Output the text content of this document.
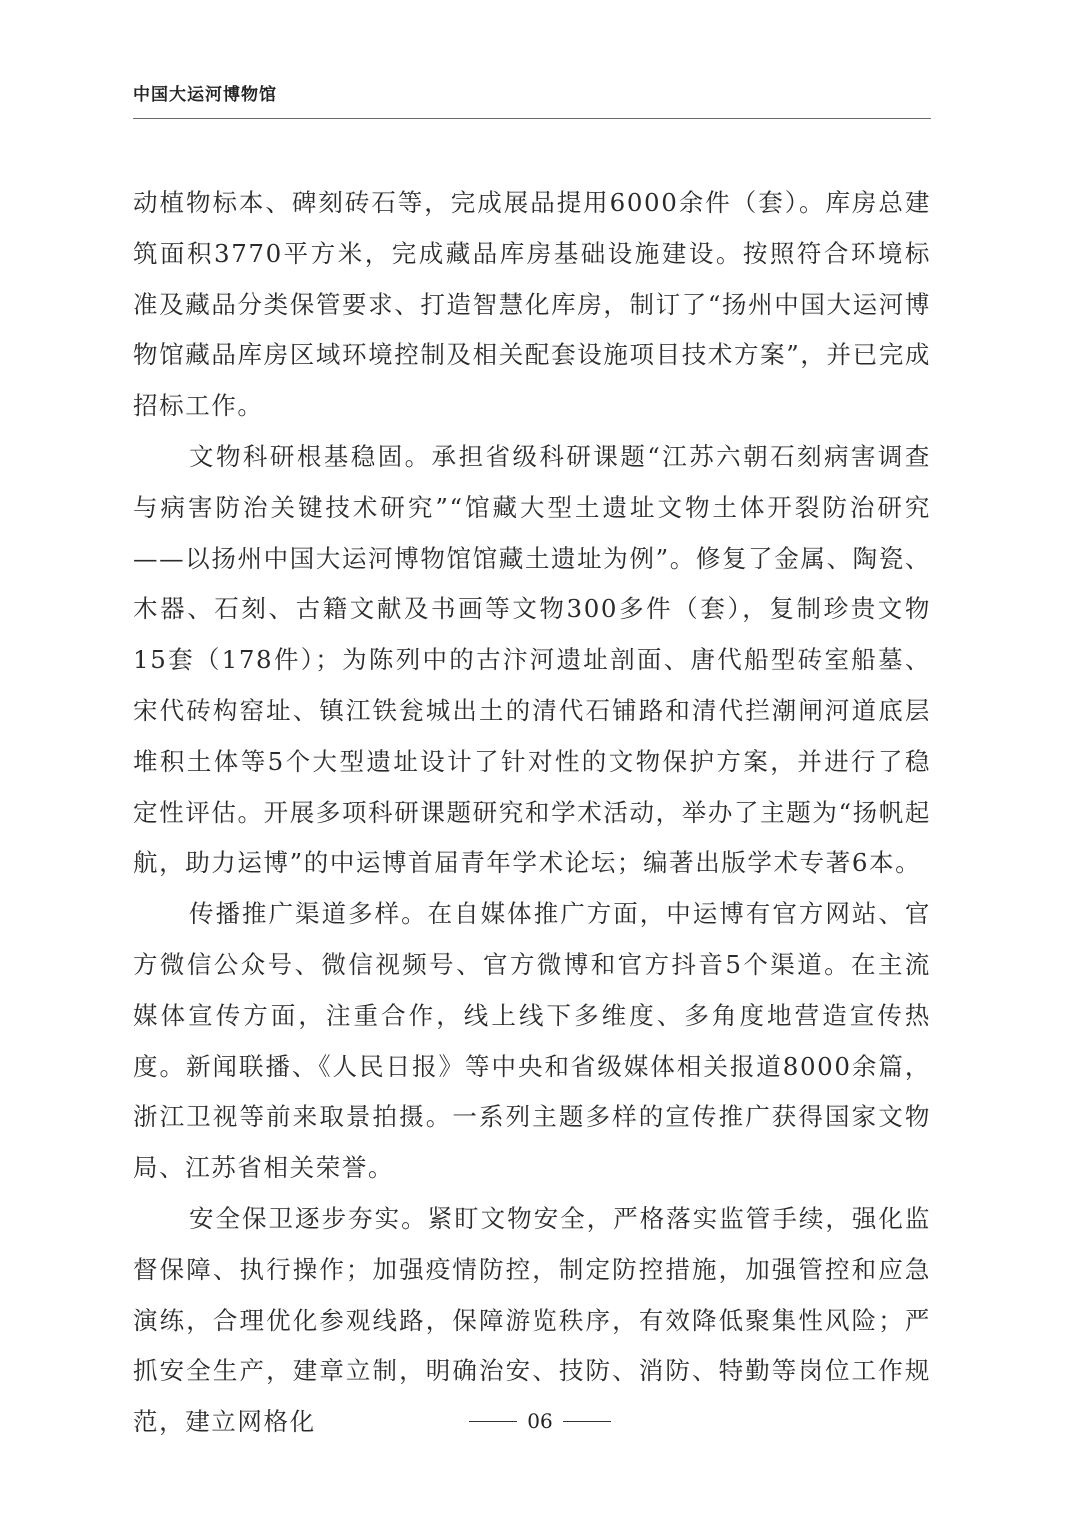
中国大运河博物馆

动植物标本、碑刻砖石等，完成展品提用6000余件（套）。库房总建筑面积3770平方米，完成藏品库房基础设施建设。按照符合环境标准及藏品分类保管要求、打造智慧化库房，制订了“扬州中国大运河博物馆藏品库房区域环境控制及相关配套设施项目技术方案”，并已完成招标工作。

文物科研根基稳固。承担省级科研课题“江苏六朝石刻病害调查与病害防治关键技术研究”“馆藏大型土遗址文物土体开裂防治研究——以扬州中国大运河博物馆馆藏土遗址为例”。修复了金属、陶瓷、木器、石刻、古籍文献及书画等文物300多件（套），复制珍贵文物15套（178件）；为陈列中的古汴河遗址剖面、唐代船型砖室船墓、宋代砖构窑址、镇江铁瓮城出土的清代石铺路和清代拦潮闸河道底层堆积土体等5个大型遗址设计了针对性的文物保护方案，并进行了稳定性评估。开展多项科研课题研究和学术活动，举办了主题为“扬帆起航，助力运博”的中运博首届青年学术论坛；编著出版学术专著6本。

传播推广渠道多样。在自媒体推广方面，中运博有官方网站、官方微信公众号、微信视频号、官方微博和官方抖音5个渠道。在主流媒体宣传方面，注重合作，线上线下多维度、多角度地营造宣传热度。新闻联播、《人民日报》等中央和省级媒体相关报道8000余篇，浙江卫视等前来取景拍摄。一系列主题多样的宣传推广获得国家文物局、江苏省相关荣誉。

安全保卫逐步夯实。紧盯文物安全，严格落实监管手续，强化监督保障、执行操作；加强疫情防控，制定防控措施，加强管控和应急演练，合理优化参观线路，保障游览秩序，有效降低聚集性风险；严抓安全生产，建章立制，明确治安、技防、消防、特勤等岗位工作规范，建立网格化	06
